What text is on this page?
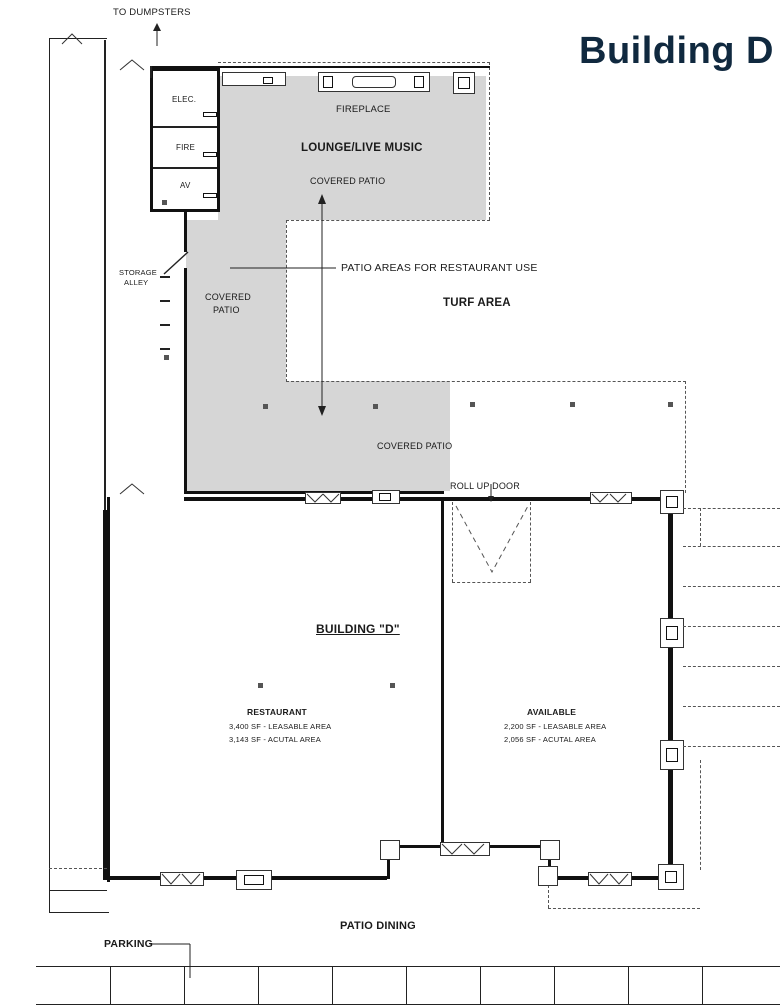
Building D
ELEC.
FIRE
AV
STORAGE
ALLEY
TO DUMPSTERS
FIREPLACE
LOUNGE/LIVE MUSIC
COVERED PATIO
PATIO AREAS FOR RESTAURANT USE
TURF AREA
COVERED
PATIO
COVERED PATIO
ROLL UP DOOR
BUILDING "D"
RESTAURANT
3,400 SF - LEASABLE AREA
3,143 SF - ACUTAL AREA
AVAILABLE
2,200 SF - LEASABLE AREA
2,056 SF - ACUTAL AREA
PATIO DINING
PARKING
